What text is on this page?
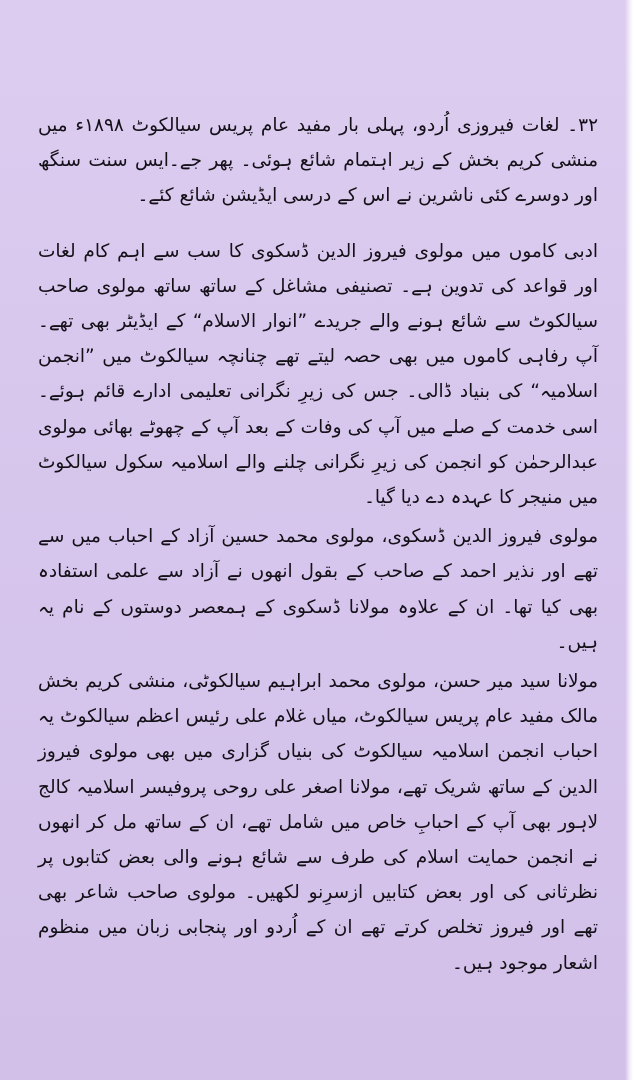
۳۲۔ لغات فیروزی اُردو، پہلی بار مفید عام پریس سیالکوٹ ۱۸۹۸ء میں منشی کریم بخش کے زیر اہتمام شائع ہوئی۔ پھر جے۔ایس سنت سنگھ اور دوسرے کئی ناشرین نے اس کے درسی ایڈیشن شائع کئے۔

ادبی کاموں میں مولوی فیروز الدین ڈسکوی کا سب سے اہم کام لغات اور قواعد کی تدوین ہے۔ تصنیفی مشاغل کے ساتھ ساتھ مولوی صاحب سیالکوٹ سے شائع ہونے والے جریدے ”انوار الاسلام“ کے ایڈیٹر بھی تھے۔ آپ رفاہی کاموں میں بھی حصہ لیتے تھے چنانچہ سیالکوٹ میں ”انجمن اسلامیہ“ کی بنیاد ڈالی۔ جس کی زیرِ نگرانی تعلیمی ادارے قائم ہوئے۔ اسی خدمت کے صلے میں آپ کی وفات کے بعد آپ کے چھوٹے بھائی مولوی عبدالرحمٰن کو انجمن کی زیرِ نگرانی چلنے والے اسلامیہ سکول سیالکوٹ میں منیجر کا عہدہ دے دیا گیا۔

مولوی فیروز الدین ڈسکوی، مولوی محمد حسین آزاد کے احباب میں سے تھے اور نذیر احمد کے صاحب کے بقول انھوں نے آزاد سے علمی استفادہ بھی کیا تھا۔ ان کے علاوہ مولانا ڈسکوی کے ہمعصر دوستوں کے نام یہ ہیں۔

مولانا سید میر حسن، مولوی محمد ابراہیم سیالکوٹی، منشی کریم بخش مالک مفید عام پریس سیالکوٹ، میاں غلام علی رئیس اعظم سیالکوٹ یہ احباب انجمن اسلامیہ سیالکوٹ کی بنیاں گزاری میں بھی مولوی فیروز الدین کے ساتھ شریک تھے، مولانا اصغر علی روحی پروفیسر اسلامیہ کالج لاہور بھی آپ کے احبابِ خاص میں شامل تھے، ان کے ساتھ مل کر انھوں نے انجمن حمایت اسلام کی طرف سے شائع ہونے والی بعض کتابوں پر نظرثانی کی اور بعض کتابیں ازسرِنو لکھیں۔ مولوی صاحب شاعر بھی تھے اور فیروز تخلص کرتے تھے ان کے اُردو اور پنجابی زبان میں منظوم اشعار موجود ہیں۔
